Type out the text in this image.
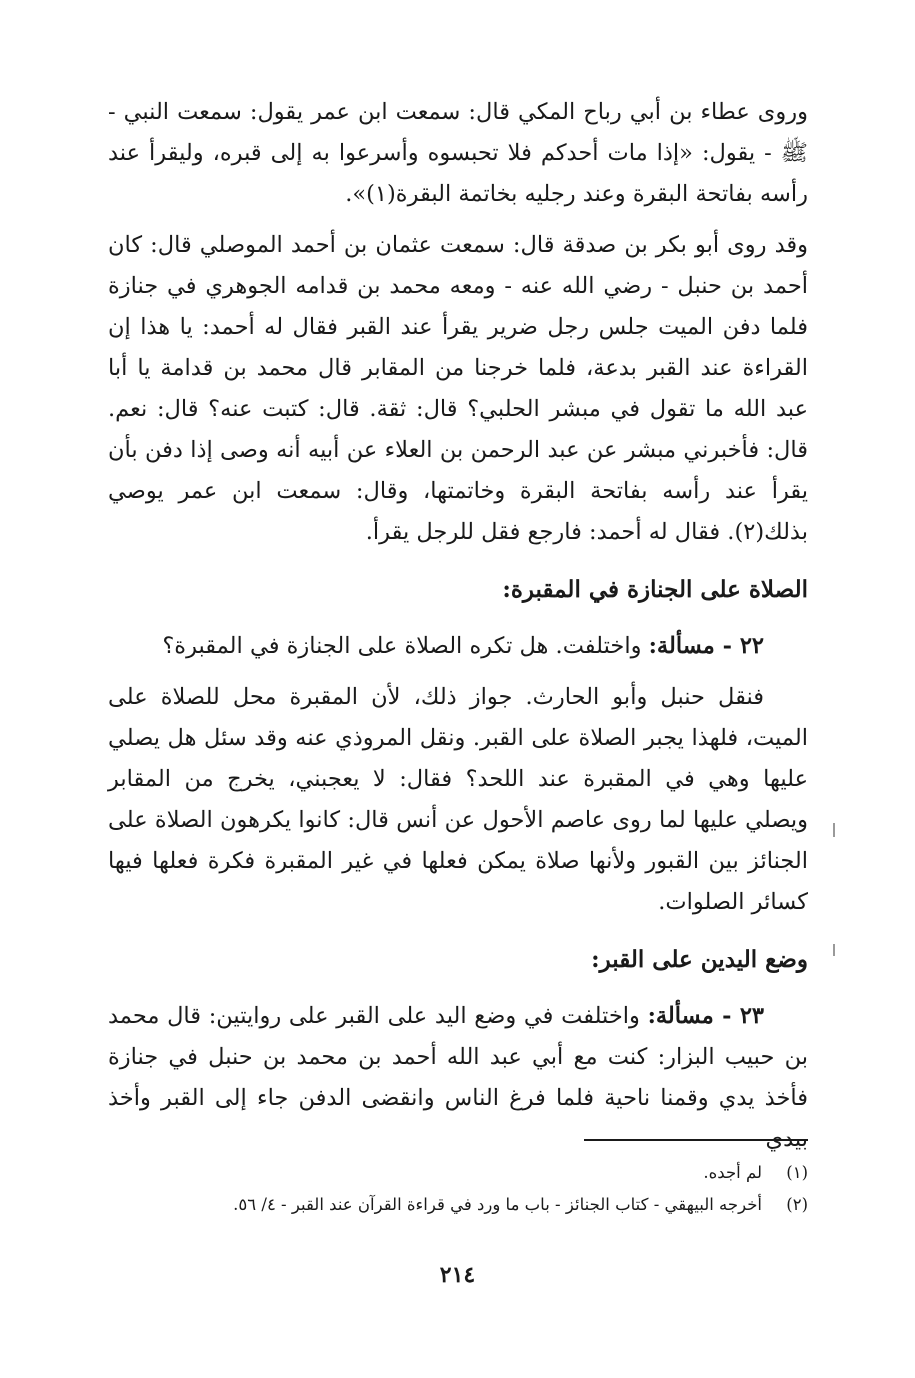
وروى عطاء بن أبي رباح المكي قال: سمعت ابن عمر يقول: سمعت النبي - ﷺ - يقول: «إذا مات أحدكم فلا تحبسوه وأسرعوا به إلى قبره، وليقرأ عند رأسه بفاتحة البقرة وعند رجليه بخاتمة البقرة(١)».

وقد روى أبو بكر بن صدقة قال: سمعت عثمان بن أحمد الموصلي قال: كان أحمد بن حنبل - رضي الله عنه - ومعه محمد بن قدامه الجوهري في جنازة فلما دفن الميت جلس رجل ضرير يقرأ عند القبر فقال له أحمد: يا هذا إن القراءة عند القبر بدعة، فلما خرجنا من المقابر قال محمد بن قدامة يا أبا عبد الله ما تقول في مبشر الحلبي؟ قال: ثقة. قال: كتبت عنه؟ قال: نعم. قال: فأخبرني مبشر عن عبد الرحمن بن العلاء عن أبيه أنه وصى إذا دفن بأن يقرأ عند رأسه بفاتحة البقرة وخاتمتها، وقال: سمعت ابن عمر يوصي بذلك(٢). فقال له أحمد: فارجع فقل للرجل يقرأ.

الصلاة على الجنازة في المقبرة:

٢٢ - مسألة: واختلفت. هل تكره الصلاة على الجنازة في المقبرة؟

فنقل حنبل وأبو الحارث. جواز ذلك، لأن المقبرة محل للصلاة على الميت، فلهذا يجبر الصلاة على القبر. ونقل المروذي عنه وقد سئل هل يصلي عليها وهي في المقبرة عند اللحد؟ فقال: لا يعجبني، يخرج من المقابر ويصلي عليها لما روى عاصم الأحول عن أنس قال: كانوا يكرهون الصلاة على الجنائز بين القبور ولأنها صلاة يمكن فعلها في غير المقبرة فكرة فعلها فيها كسائر الصلوات.

وضع اليدين على القبر:

٢٣ - مسألة: واختلفت في وضع اليد على القبر على روايتين: قال محمد بن حبيب البزار: كنت مع أبي عبد الله أحمد بن محمد بن حنبل في جنازة فأخذ يدي وقمنا ناحية فلما فرغ الناس وانقضى الدفن جاء إلى القبر وأخذ بيدي

(١)لم أجده.
(٢)أخرجه البيهقي - كتاب الجنائز - باب ما ورد في قراءة القرآن عند القبر - ٤/ ٥٦.
٢١٤
